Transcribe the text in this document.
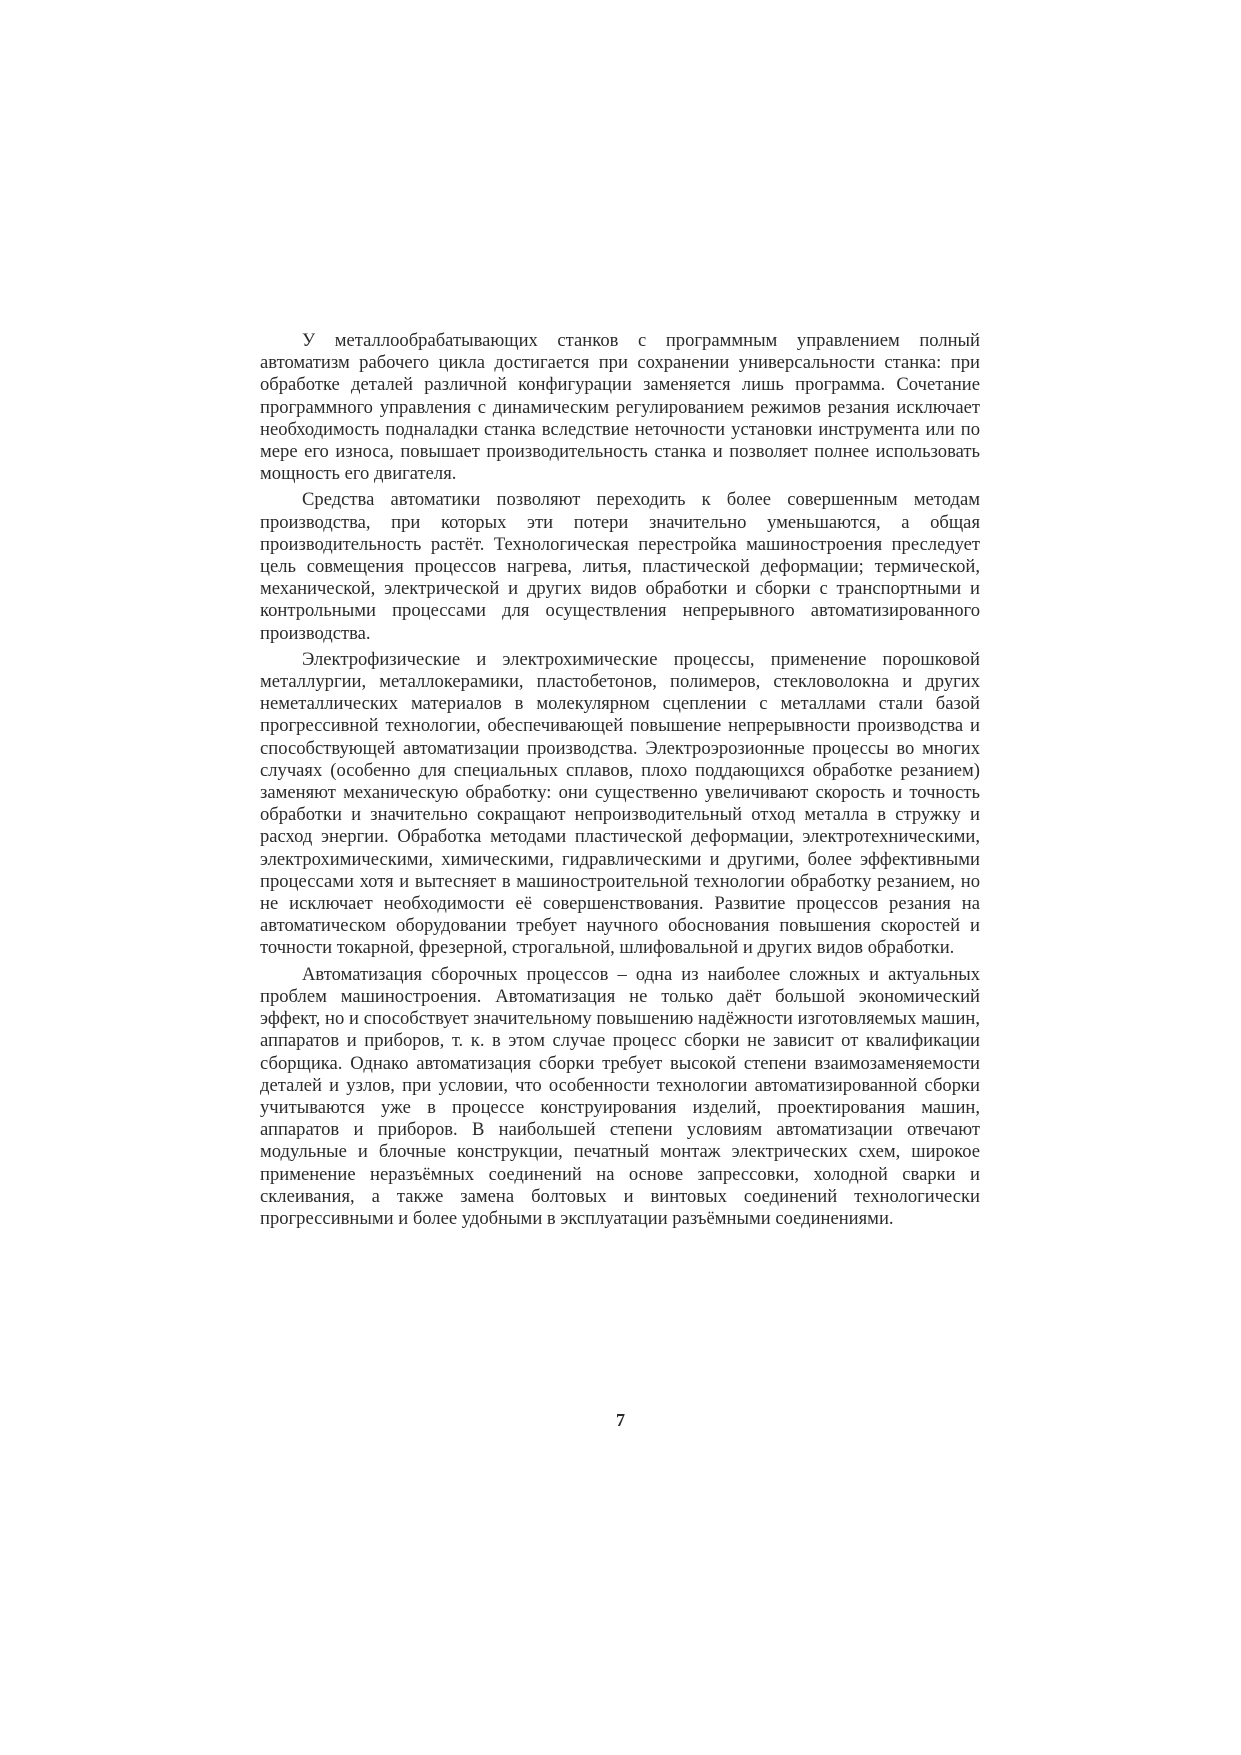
У металлообрабатывающих станков с программным управлением полный автоматизм рабочего цикла достигается при сохранении универсальности станка: при обработке деталей различной конфигурации заменяется лишь программа. Сочетание программного управления с динамическим регулированием режимов резания исключает необходимость подналадки станка вследствие неточности установки инструмента или по мере его износа, повышает производительность станка и позволяет полнее использовать мощность его двигателя.

Средства автоматики позволяют переходить к более совершенным методам производства, при которых эти потери значительно уменьшаются, а общая производительность растёт. Технологическая перестройка машиностроения преследует цель совмещения процессов нагрева, литья, пластической деформации; термической, механической, электрической и других видов обработки и сборки с транспортными и контрольными процессами для осуществления непрерывного автоматизированного производства.

Электрофизические и электрохимические процессы, применение порошковой металлургии, металлокерамики, пластобетонов, полимеров, стекловолокна и других неметаллических материалов в молекулярном сцеплении с металлами стали базой прогрессивной технологии, обеспечивающей повышение непрерывности производства и способствующей автоматизации производства. Электроэрозионные процессы во многих случаях (особенно для специальных сплавов, плохо поддающихся обработке резанием) заменяют механическую обработку: они существенно увеличивают скорость и точность обработки и значительно сокращают непроизводительный отход металла в стружку и расход энергии. Обработка методами пластической деформации, электротехническими, электрохимическими, химическими, гидравлическими и другими, более эффективными процессами хотя и вытесняет в машиностроительной технологии обработку резанием, но не исключает необходимости её совершенствования. Развитие процессов резания на автоматическом оборудовании требует научного обоснования повышения скоростей и точности токарной, фрезерной, строгальной, шлифовальной и других видов обработки.

Автоматизация сборочных процессов – одна из наиболее сложных и актуальных проблем машиностроения. Автоматизация не только даёт большой экономический эффект, но и способствует значительному повышению надёжности изготовляемых машин, аппаратов и приборов, т. к. в этом случае процесс сборки не зависит от квалификации сборщика. Однако автоматизация сборки требует высокой степени взаимозаменяемости деталей и узлов, при условии, что особенности технологии автоматизированной сборки учитываются уже в процессе конструирования изделий, проектирования машин, аппаратов и приборов. В наибольшей степени условиям автоматизации отвечают модульные и блочные конструкции, печатный монтаж электрических схем, широкое применение неразъёмных соединений на основе запрессовки, холодной сварки и склеивания, а также замена болтовых и винтовых соединений технологически прогрессивными и более удобными в эксплуатации разъёмными соединениями.

7
